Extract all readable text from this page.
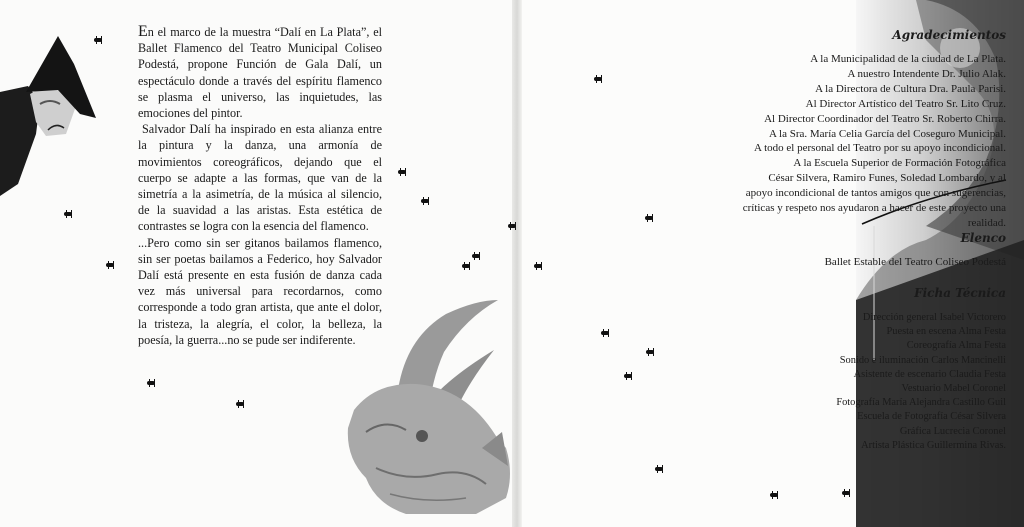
En el marco de la muestra “Dalí en La Plata”, el Ballet Flamenco del Teatro Municipal Coliseo Podestá, propone Función de Gala Dalí, un espectáculo donde a través del espíritu flamenco se plasma el universo, las inquietudes, las emociones del pintor.

Salvador Dalí ha inspirado en esta alianza entre la pintura y la danza, una armonía de movimientos coreográficos, dejando que el cuerpo se adapte a las formas, que van de la simetría a la asimetría, de la música al silencio, de la suavidad a las aristas. Esta estética de contrastes se logra con la esencia del flamenco.

...Pero como sin ser gitanos bailamos flamenco, sin ser poetas bailamos a Federico, hoy Salvador Dalí está presente en esta fusión de danza cada vez más universal para recordarnos, como corresponde a todo gran artista, que ante el dolor, la tristeza, la alegría, el color, la belleza, la poesía, la guerra...no se pude ser indiferente.

Agradecimientos
A la Municipalidad de la ciudad de La Plata.
A nuestro Intendente Dr. Julio Alak.
A la Directora de Cultura Dra. Paula Parisi.
Al Director Artístico del Teatro Sr. Lito Cruz.
Al Director Coordinador del Teatro Sr. Roberto Chirra.
A la Sra. María Celia García del Coseguro Municipal.
A todo el personal del Teatro por su apoyo incondicional.
A la Escuela Superior de Formación Fotográfica
César Silvera, Ramiro Funes, Soledad Lombardo, y al
apoyo incondicional de tantos amigos que con sugerencias,
críticas y respeto nos ayudaron a hacer de este proyecto una
realidad.
Elenco

Ballet Estable del Teatro Coliseo Podestá

Ficha Técnica
Dirección general Isabel Victorero
Puesta en escena Alma Festa
Coreografía Alma Festa
Sonido e iluminación Carlos Mancinelli
Asistente de escenario Claudia Festa
Vestuario Mabel Coronel
Fotografía María Alejandra Castillo Guil
Escuela de Fotografía César Silvera
Gráfica Lucrecia Coronel
Artista Plástica Guillermina Rivas.
